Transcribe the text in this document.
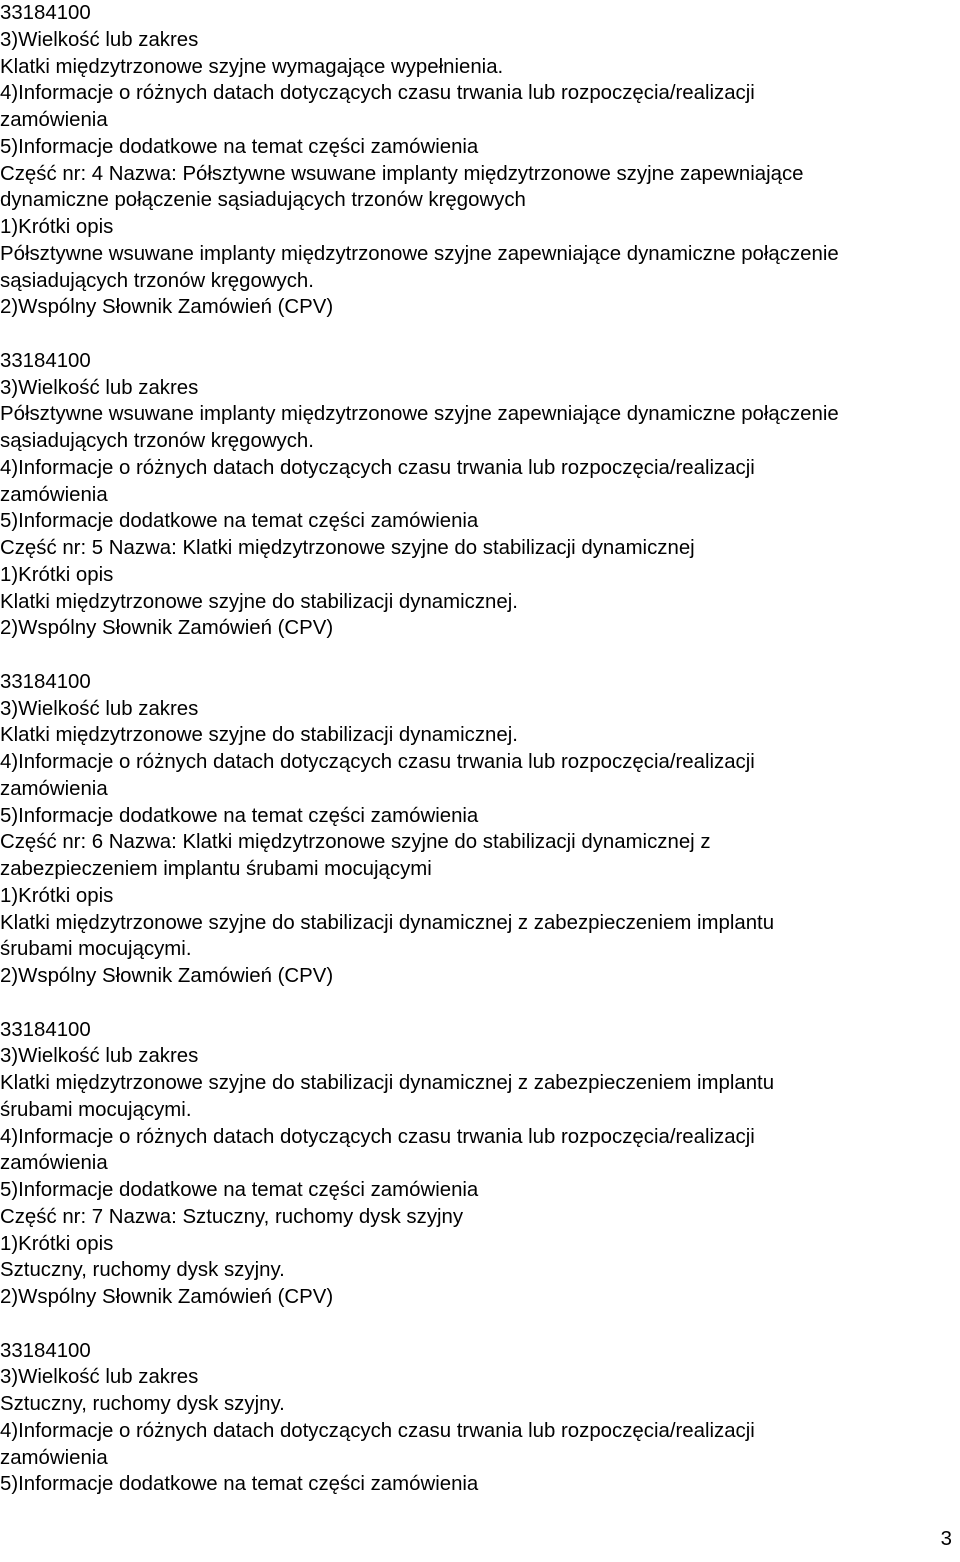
33184100
3)Wielkość lub zakres
Klatki międzytrzonowe szyjne wymagające wypełnienia.
4)Informacje o różnych datach dotyczących czasu trwania lub rozpoczęcia/realizacji
zamówienia
5)Informacje dodatkowe na temat części zamówienia
Część nr: 4 Nazwa: Półsztywne wsuwane implanty międzytrzonowe szyjne zapewniające
dynamiczne połączenie sąsiadujących trzonów kręgowych
1)Krótki opis
Półsztywne wsuwane implanty międzytrzonowe szyjne zapewniające dynamiczne połączenie
sąsiadujących trzonów kręgowych.
2)Wspólny Słownik Zamówień (CPV)
33184100
3)Wielkość lub zakres
Półsztywne wsuwane implanty międzytrzonowe szyjne zapewniające dynamiczne połączenie
sąsiadujących trzonów kręgowych.
4)Informacje o różnych datach dotyczących czasu trwania lub rozpoczęcia/realizacji
zamówienia
5)Informacje dodatkowe na temat części zamówienia
Część nr: 5 Nazwa: Klatki międzytrzonowe szyjne do stabilizacji dynamicznej
1)Krótki opis
Klatki międzytrzonowe szyjne do stabilizacji dynamicznej.
2)Wspólny Słownik Zamówień (CPV)
33184100
3)Wielkość lub zakres
Klatki międzytrzonowe szyjne do stabilizacji dynamicznej.
4)Informacje o różnych datach dotyczących czasu trwania lub rozpoczęcia/realizacji
zamówienia
5)Informacje dodatkowe na temat części zamówienia
Część nr: 6 Nazwa: Klatki międzytrzonowe szyjne do stabilizacji dynamicznej z
zabezpieczeniem implantu śrubami mocującymi
1)Krótki opis
Klatki międzytrzonowe szyjne do stabilizacji dynamicznej z zabezpieczeniem implantu
śrubami mocującymi.
2)Wspólny Słownik Zamówień (CPV)
33184100
3)Wielkość lub zakres
Klatki międzytrzonowe szyjne do stabilizacji dynamicznej z zabezpieczeniem implantu
śrubami mocującymi.
4)Informacje o różnych datach dotyczących czasu trwania lub rozpoczęcia/realizacji
zamówienia
5)Informacje dodatkowe na temat części zamówienia
Część nr: 7 Nazwa: Sztuczny, ruchomy dysk szyjny
1)Krótki opis
Sztuczny, ruchomy dysk szyjny.
2)Wspólny Słownik Zamówień (CPV)
33184100
3)Wielkość lub zakres
Sztuczny, ruchomy dysk szyjny.
4)Informacje o różnych datach dotyczących czasu trwania lub rozpoczęcia/realizacji
zamówienia
5)Informacje dodatkowe na temat części zamówienia
3
